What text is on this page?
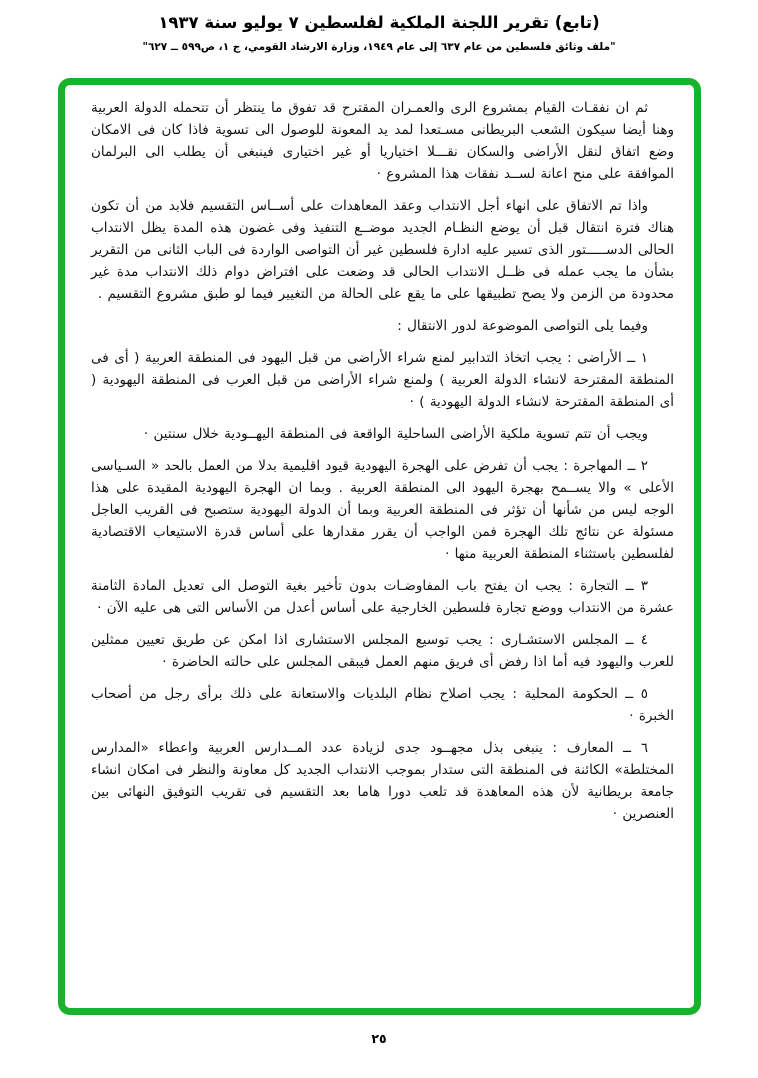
(تابع) تقرير اللجنة الملكية لفلسطين ٧ يوليو سنة ١٩٣٧
"ملف وثائق فلسطين من عام ٦٣٧ إلى عام ١٩٤٩، وزارة الارشاد القومي، ج ١، ص٥٩٩ ــ ٦٢٧"

ثم ان نفقـات القيام بمشروع الرى والعمـران المقترح قد تفوق ما ينتظر أن تتحمله الدولة العربية وهنا أيضا سيكون الشعب البريطانى مسـتعدا لمد يد المعونة للوصول الى تسوية فاذا كان فى الامكان وضع اتفاق لنقل الأراضى والسكان نقـــلا اختياريا أو غير اختيارى فينبغى أن يطلب الى البرلمان الموافقة على منح اعانة لســد نفقات هذا المشروع ·

واذا تم الاتفاق على انهاء أجل الانتداب وعقد المعاهدات على أســاس التقسيم فلابد من أن تكون هناك فترة انتقال قبل أن يوضع النظـام الجديد موضــع التنفيذ وفى غضون هذه المدة يظل الانتداب الحالى الدســـــتور الذى تسير عليه ادارة فلسطين غير أن التواصى الواردة فى الباب الثانى من التقرير بشأن ما يجب عمله فى ظــل الانتداب الحالى قد وضعت على افتراض دوام ذلك الانتداب مدة غير محدودة من الزمن ولا يصح تطبيقها على ما يقع على الحالة من التغيير فيما لو طبق مشروع التقسيم .

وفيما يلى التواصى الموضوعة لدور الانتقال :

١ ــ الأراضى : يجب اتخاذ التدابير لمنع شراء الأراضى من قبل اليهود فى المنطقة العربية ( أى فى المنطقة المقترحة لانشاء الدولة العربية ) ولمنع شراء الأراضى من قبل العرب فى المنطقة اليهودية ( أى المنطقة المقترحة لانشاء الدولة اليهودية ) ·

ويجب أن تتم تسوية ملكية الأراضى الساحلية الواقعة فى المنطقة اليهــودية خلال سنتين ·

٢ ــ المهاجرة : يجب أن تفرض على الهجرة اليهودية قيود اقليمية بدلا من العمل بالحد « السـياسى الأعلى » والا يســمح بهجرة اليهود الى المنطقة العربية . وبما ان الهجرة اليهودية المقيدة على هذا الوجه ليس من شأنها أن تؤثر فى المنطقة العربية وبما أن الدولة اليهودية ستصبح فى القريب العاجل مسئولة عن نتائج تلك الهجرة فمن الواجب أن يقرر مقدارها على أساس قدرة الاستيعاب الاقتصادية لفلسطين باستثناء المنطقة العربية منها ·

٣ ــ التجارة : يجب ان يفتح باب المفاوضـات بدون تأخير بغية التوصل الى تعديل المادة الثامنة عشرة من الانتداب ووضع تجارة فلسطين الخارجية على أساس أعدل من الأساس التى هى عليه الآن ·

٤ ــ المجلس الاستشـارى : يجب توسيع المجلس الاستشارى اذا امكن عن طريق تعيين ممثلين للعرب واليهود فيه أما اذا رفض أى فريق منهم العمل فيبقى المجلس على حالته الحاضرة ·

٥ ــ الحكومة المحلية : يجب اصلاح نظام البلديات والاستعانة على ذلك برأى رجل من أصحاب الخبرة ·

٦ ــ المعارف : ينبغى بذل مجهــود جدى لزيادة عدد المــدارس العربية واعطاء «المدارس المختلطة» الكائنة فى المنطقة التى ستدار بموجب الانتداب الجديد كل معاونة والنظر فى امكان انشاء جامعة بريطانية لأن هذه المعاهدة قد تلعب دورا هاما بعد التقسيم فى تقريب التوفيق النهائى بين العنصرين ·

٢٥
